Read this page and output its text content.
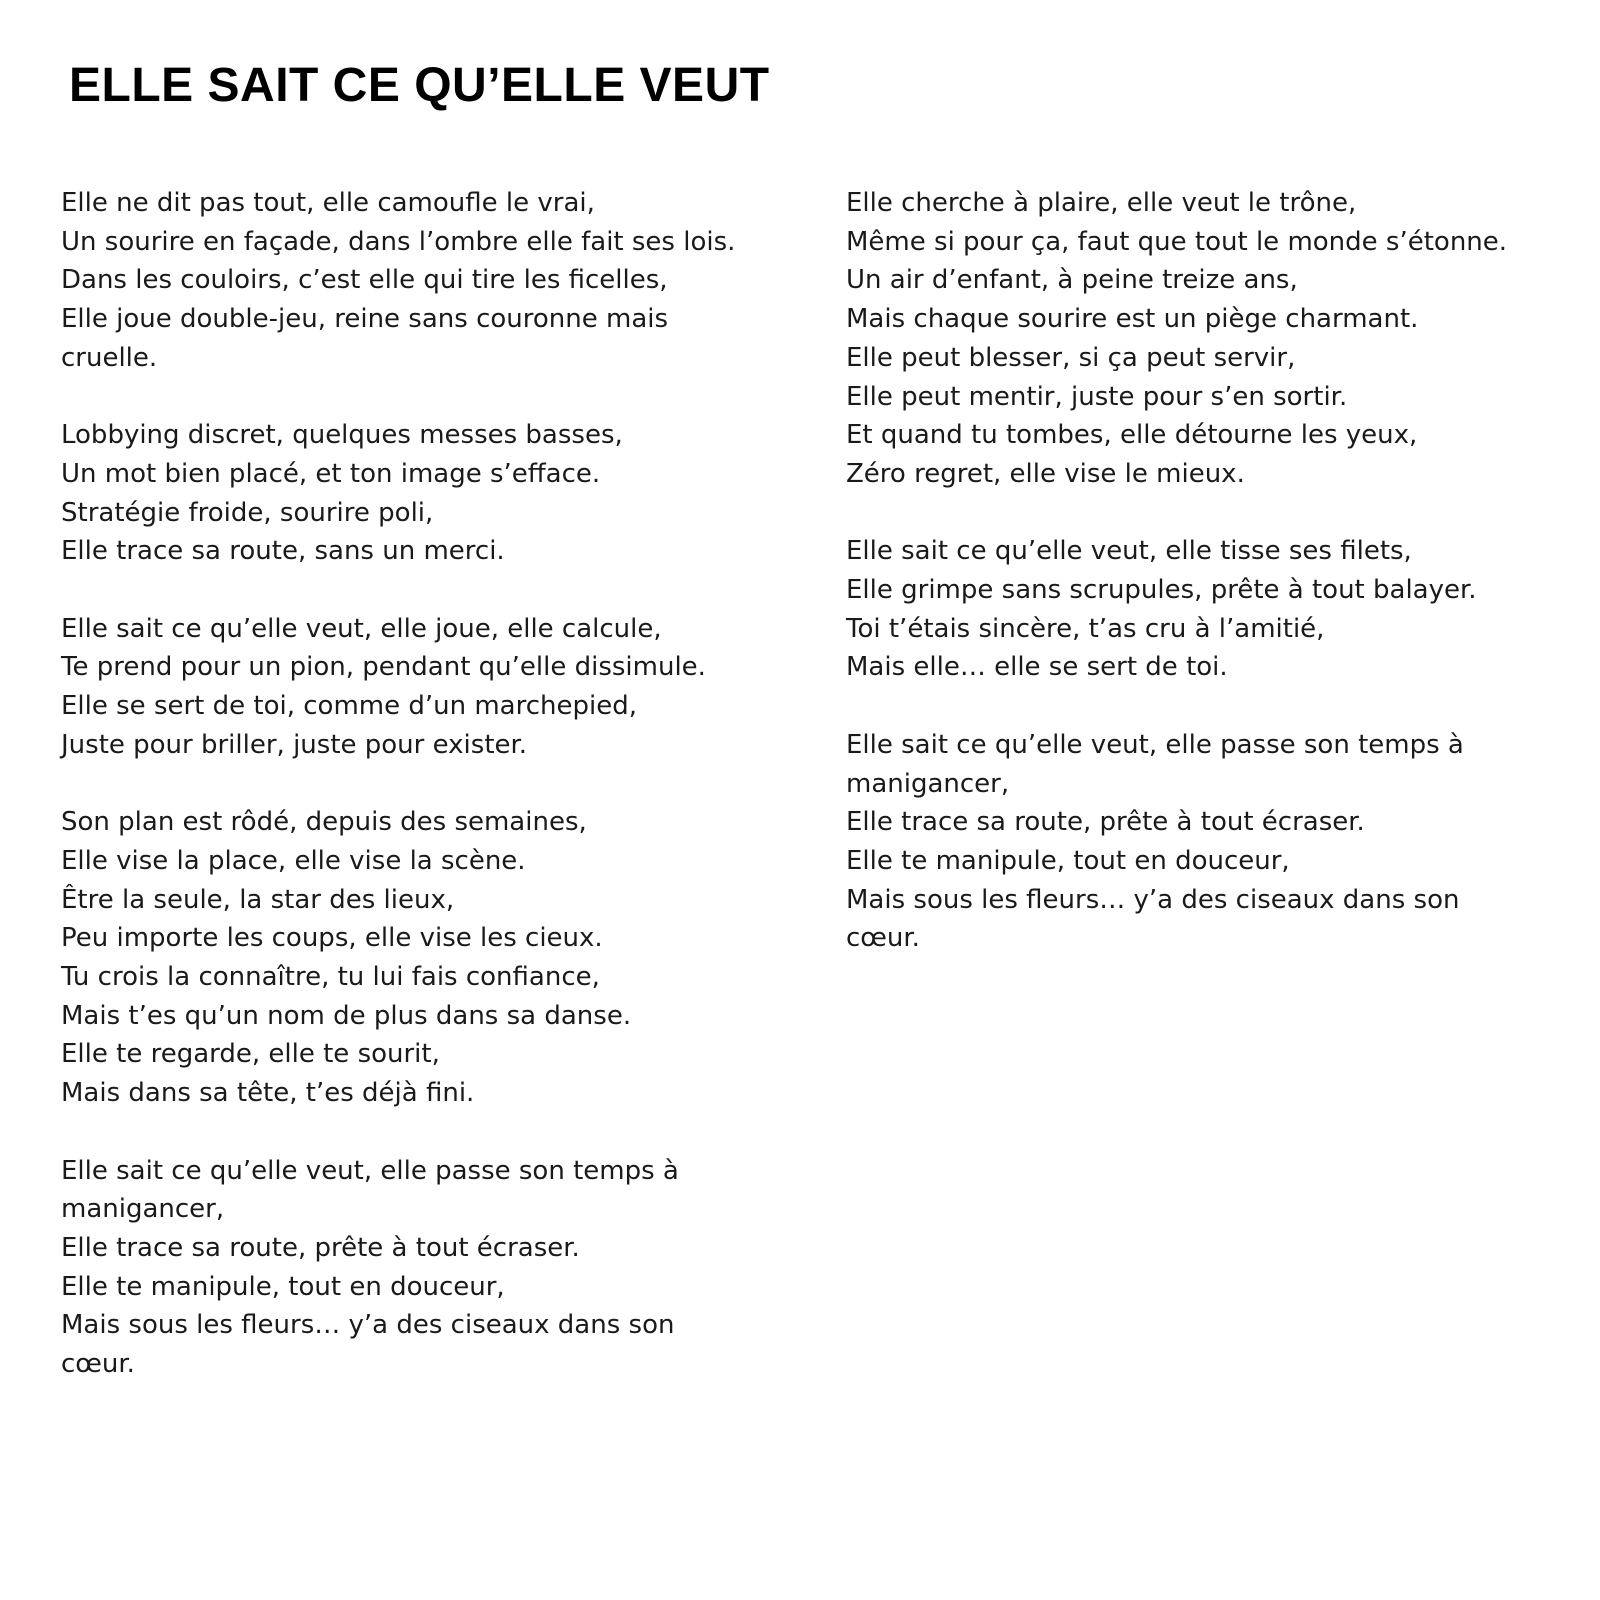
ELLE SAIT CE QU’ELLE VEUT
Elle ne dit pas tout, elle camoufle le vrai,
Un sourire en façade, dans l’ombre elle fait ses lois.
Dans les couloirs, c’est elle qui tire les ficelles,
Elle joue double-jeu, reine sans couronne mais
cruelle.
Lobbying discret, quelques messes basses,
Un mot bien placé, et ton image s’efface.
Stratégie froide, sourire poli,
Elle trace sa route, sans un merci.
Elle sait ce qu’elle veut, elle joue, elle calcule,
Te prend pour un pion, pendant qu’elle dissimule.
Elle se sert de toi, comme d’un marchepied,
Juste pour briller, juste pour exister.
Son plan est rôdé, depuis des semaines,
Elle vise la place, elle vise la scène.
Être la seule, la star des lieux,
Peu importe les coups, elle vise les cieux.
Tu crois la connaître, tu lui fais confiance,
Mais t’es qu’un nom de plus dans sa danse.
Elle te regarde, elle te sourit,
Mais dans sa tête, t’es déjà fini.
Elle sait ce qu’elle veut, elle passe son temps à
manigancer,
Elle trace sa route, prête à tout écraser.
Elle te manipule, tout en douceur,
Mais sous les fleurs… y’a des ciseaux dans son
cœur.
Elle cherche à plaire, elle veut le trône,
Même si pour ça, faut que tout le monde s’étonne.
Un air d’enfant, à peine treize ans,
Mais chaque sourire est un piège charmant.
Elle peut blesser, si ça peut servir,
Elle peut mentir, juste pour s’en sortir.
Et quand tu tombes, elle détourne les yeux,
Zéro regret, elle vise le mieux.
Elle sait ce qu’elle veut, elle tisse ses filets,
Elle grimpe sans scrupules, prête à tout balayer.
Toi t’étais sincère, t’as cru à l’amitié,
Mais elle… elle se sert de toi.
Elle sait ce qu’elle veut, elle passe son temps à
manigancer,
Elle trace sa route, prête à tout écraser.
Elle te manipule, tout en douceur,
Mais sous les fleurs… y’a des ciseaux dans son
cœur.
